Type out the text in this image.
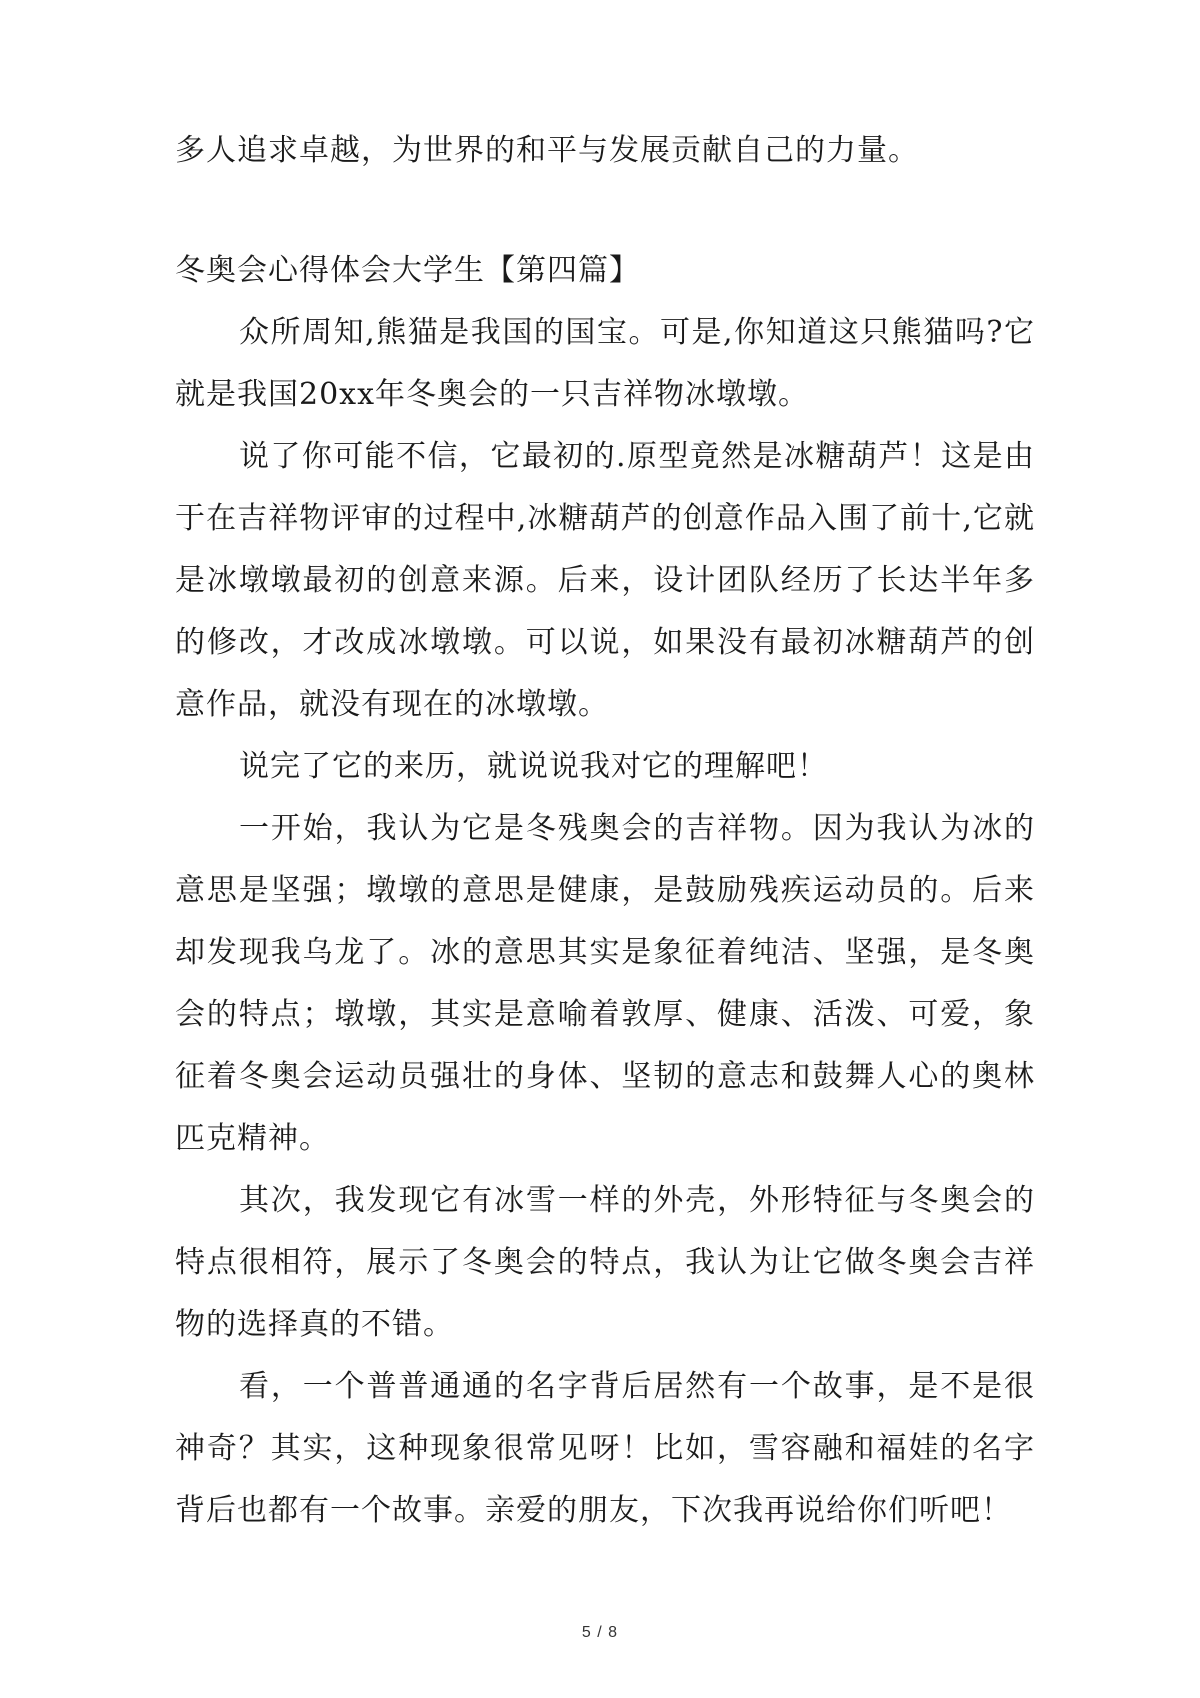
多人追求卓越，为世界的和平与发展贡献自己的力量。

冬奥会心得体会大学生【第四篇】

众所周知,熊猫是我国的国宝。可是,你知道这只熊猫吗?它就是我国20xx年冬奥会的一只吉祥物冰墩墩。

说了你可能不信，它最初的.原型竟然是冰糖葫芦！这是由于在吉祥物评审的过程中,冰糖葫芦的创意作品入围了前十,它就是冰墩墩最初的创意来源。后来，设计团队经历了长达半年多的修改，才改成冰墩墩。可以说，如果没有最初冰糖葫芦的创意作品，就没有现在的冰墩墩。

说完了它的来历，就说说我对它的理解吧！

一开始，我认为它是冬残奥会的吉祥物。因为我认为冰的意思是坚强；墩墩的意思是健康，是鼓励残疾运动员的。后来却发现我乌龙了。冰的意思其实是象征着纯洁、坚强，是冬奥会的特点；墩墩，其实是意喻着敦厚、健康、活泼、可爱，象征着冬奥会运动员强壮的身体、坚韧的意志和鼓舞人心的奥林匹克精神。

其次，我发现它有冰雪一样的外壳，外形特征与冬奥会的特点很相符，展示了冬奥会的特点，我认为让它做冬奥会吉祥物的选择真的不错。

看，一个普普通通的名字背后居然有一个故事，是不是很神奇？其实，这种现象很常见呀！比如，雪容融和福娃的名字背后也都有一个故事。亲爱的朋友，下次我再说给你们听吧！

5 / 8
